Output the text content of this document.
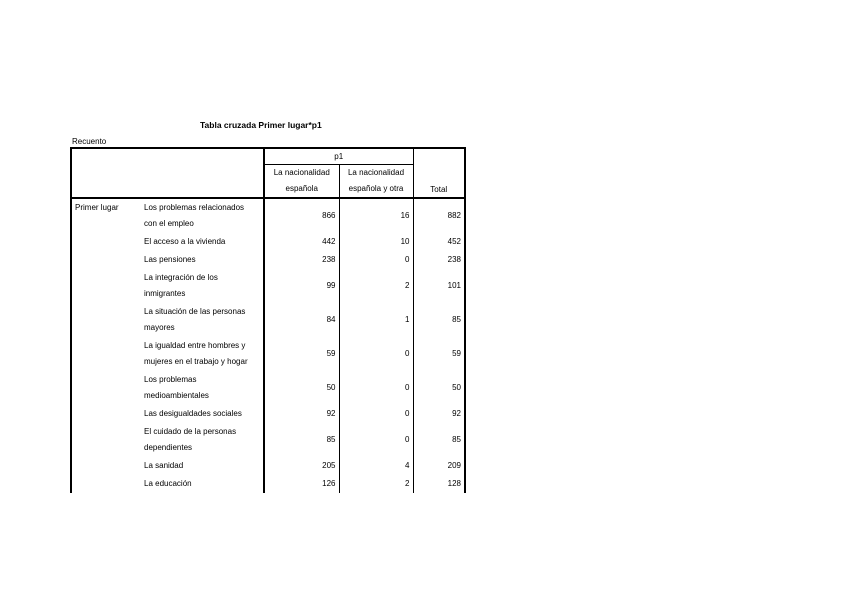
Tabla cruzada Primer lugar*p1
Recuento
		p1		Total
		La nacionalidad	La nacionalidad	
		española	española y otra	
Primer lugar	Los problemas relacionados
con el empleo	866	16	882

	El acceso a la vivienda	442	10	452

	Las pensiones	238	0	238

	La integración de los
inmigrantes	99	2	101

	La situación de las personas
mayores	84	1	85

	La igualdad entre hombres y
mujeres en el trabajo y hogar	59	0	59

	Los problemas
medioambientales	50	0	50

	Las desigualdades sociales	92	0	92

	El cuidado de la personas
dependientes	85	0	85

	La sanidad	205	4	209

	La educación	126	2	128
